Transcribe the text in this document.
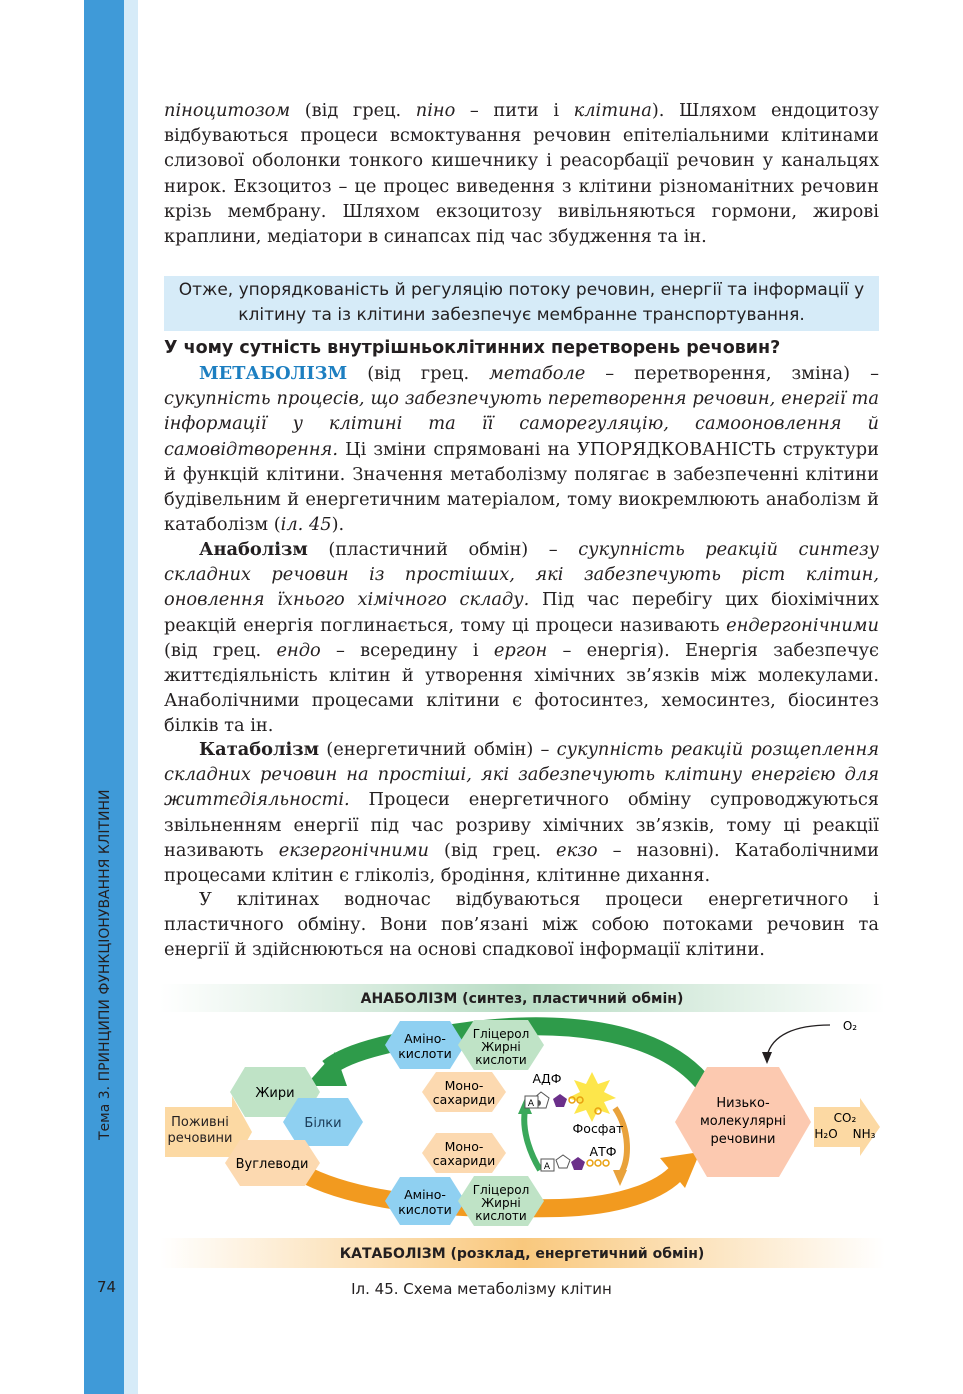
Тема 3. ПРИНЦИПИ ФУНКЦІОНУВАННЯ КЛІТИНИ
74

піноцитозом (від грец. піно – пити і клітина). Шляхом ендоцитозу відбуваються процеси всмоктування речовин епітеліальними клітинами слизової оболонки тонкого кишечнику і реасорбації речовин у канальцях нирок. Екзоцитоз – це процес виведення з клітини різноманітних речовин крізь мембрану. Шляхом екзоцитозу вивільняються гормони, жирові краплини, медіатори в синапсах під час збудження та ін.

Отже, упорядкованість й регуляцію потоку речовин, енергії та інформації у клітину та із клітини забезпечує мембранне транспортування.
У чому сутність внутрішньоклітинних перетворень речовин?

МЕТАБОЛІЗМ (від грец. метаболе – перетворення, зміна) – сукупність процесів, що забезпечують перетворення речовин, енергії та інформації у клітині та її саморегуляцію, самооновлення й самовідтворення. Ці зміни спрямовані на УПОРЯДКОВАНІСТЬ структури й функцій клітини. Значення метаболізму полягає в забезпеченні клітини будівельним й енергетичним матеріалом, тому виокремлюють анаболізм й катаболізм (іл. 45).

Анаболізм (пластичний обмін) – сукупність реакцій синтезу складних речовин із простіших, які забезпечують ріст клітин, оновлення їхнього хімічного складу. Під час перебігу цих біохімічних реакцій енергія поглинається, тому ці процеси називають ендергонічними (від грец. ендо – всередину і ергон – енергія). Енергія забезпечує життєдіяльність клітин й утворення хімічних зв’язків між молекулами. Анаболічними процесами клітини є фотосинтез, хемосинтез, біосинтез білків та ін.

Катаболізм (енергетичний обмін) – сукупність реакцій розщеплення складних речовин на простіші, які забезпечують клітину енергією для життєдіяльності. Процеси енергетичного обміну супроводжуються звільненням енергії під час розриву хімічних зв’язків, тому ці реакції називають екзергонічними (від грец. екзо – назовні). Катаболічними процесами клітин є гліколіз, бродіння, клітинне дихання.

У клітинах водночас відбуваються процеси енергетичного і пластичного обміну. Вони пов’язані між собою потоками речовин та енергії й здійснюються на основі спадкової інформації клітини.

АНАБОЛІЗМ (синтез, пластичний обмін)
КАТАБОЛІЗМ (розклад, енергетичний обмін)
Поживні
речовини
Жири
Білки
Вуглеводи
Аміно-
кислоти
Гліцерол
Жирні
кислоти
Моно-
сахариди
Моно-
сахариди
Аміно-
кислоти
Гліцерол
Жирні
кислоти
АДФ
А
Фосфат
АТФ
А
Низько-
молекулярні
речовини
O₂
CO₂
H₂O NH₃
Іл. 45. Схема метаболізму клітин
